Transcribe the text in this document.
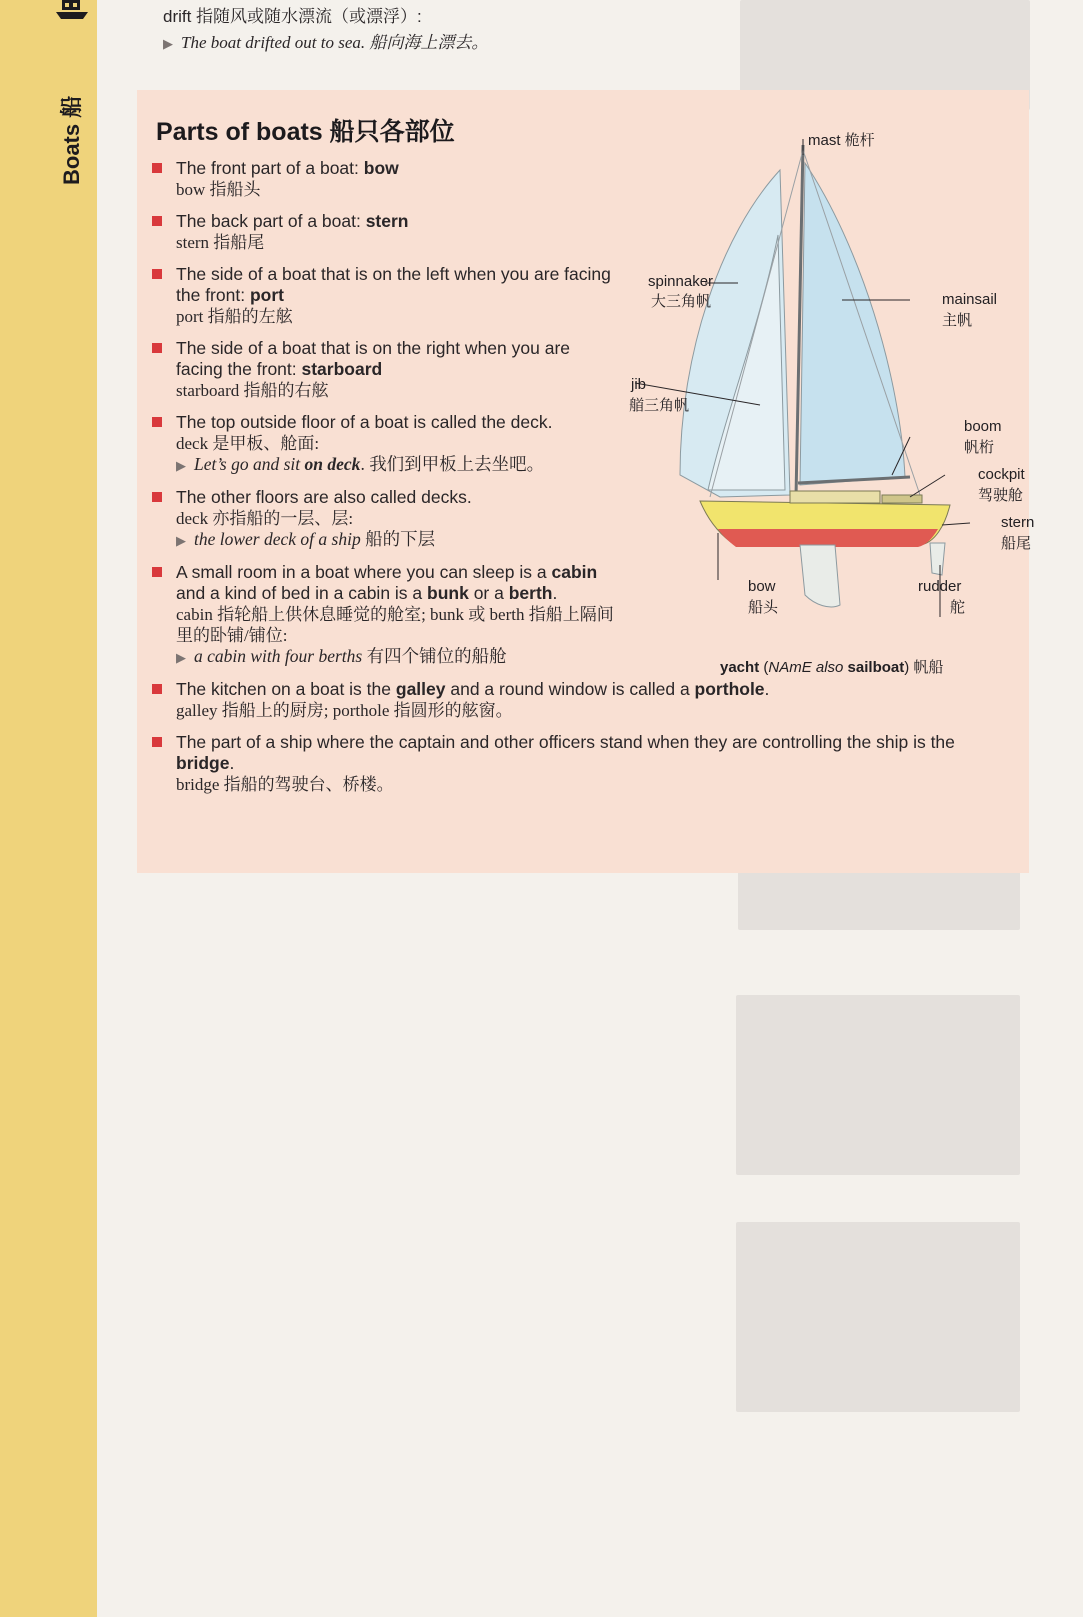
Boats 船
drift 指随风或随水漂流（或漂浮）:
▶ The boat drifted out to sea. 船向海上漂去。
Parts of boats 船只各部位
The front part of a boat: bow
bow 指船头
The back part of a boat: stern
stern 指船尾
The side of a boat that is on the left when you are facing the front: port
port 指船的左舷
The side of a boat that is on the right when you are facing the front: starboard
starboard 指船的右舷
The top outside floor of a boat is called the deck.
deck 是甲板、舱面:
▶ Let’s go and sit on deck. 我们到甲板上去坐吧。
The other floors are also called decks.
deck 亦指船的一层、层:
▶ the lower deck of a ship 船的下层
A small room in a boat where you can sleep is a cabin and a kind of bed in a cabin is a bunk or a berth.
cabin 指轮船上供休息睡觉的舱室; bunk 或 berth 指船上隔间里的卧铺/铺位:
▶ a cabin with four berths 有四个铺位的船舱
The kitchen on a boat is the galley and a round window is called a porthole.
galley 指船上的厨房; porthole 指圆形的舷窗。
The part of a ship where the captain and other officers stand when they are controlling the ship is the bridge.
bridge 指船的驾驶台、桥楼。
mast 桅杆
spinnaker
大三角帆	mainsail
主帆
jib
艏三角帆
boom
帆桁
cockpit
驾驶舱
stern
船尾
bow
船头
rudder
舵
yacht (NAmE also sailboat) 帆船
